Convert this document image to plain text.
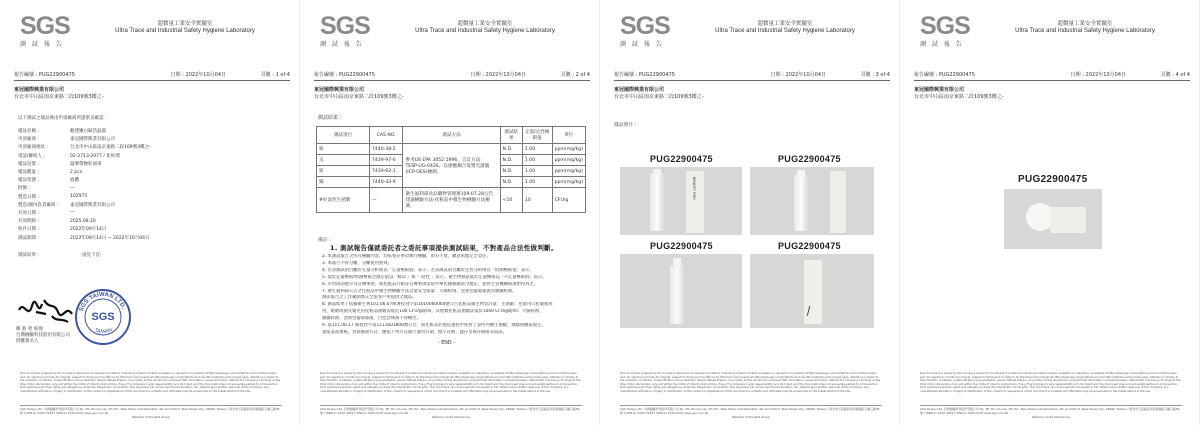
SGS
測 試 報 告
超微量工業安全實驗室
Ultra Trace and Industrial Safety Hygiene Laboratory
報告編號 : PUG22900475	日期 : 2022年10月04日	頁數 : 1 of 4
東冠國際興業有限公司
台北市中山區南京東路二段109號3樓之-
以下測試之樣品係由申請廠商所提供及確認 :
樣品名稱 :	賴透嫩白賦活晶露
申請廠商 :	東冠國際興業有限公司
申請廠商地址 :	台北市中山區南京東路二段109號3樓之-
電話/聯絡人 :	02-2713-2077 / 崔經理
樣品包裝 :	溫肇帶橡粒面罩
樣品數量 :	2 pcs
樣品型態 :	液體
批號 :	—
製造日期 :	102975
製造/國內負責廠商 :	東冠國際興業有限公司
有效日期 :	—
有效期限 :	2025.08.20
收件日期 :	2022年09月14日
測試期間 :	2022年09月14日 ~ 2022年10月04日
測試結果 :	-請見下頁-
陳 新 智 經理
台灣檢驗科技股份有限公司
授權簽名人
SGS TAIWAN LTD.
TAIWAN
SGS
This document is issued by the Company subject to its General Conditions of Service printed overleaf, available on request or accessible at http://www.sgs.com/en/Terms-and-Conditions.aspx and, for electronic format documents, subject to Terms and Conditions for Electronic Documents at http://www.sgs.com/en/Terms-and-Conditions/Terms-e-Document.aspx. Attention is drawn to the limitation of liability, indemnification and jurisdiction issues defined therein. Any holder of this document is advised that information contained hereon reflects the Company's findings at the time of its intervention only and within the limits of Client's instructions, if any. The Company's sole responsibility is to its Client and this document does not exonerate parties to a transaction from exercising all their rights and obligations under the transaction documents. This document cannot be reproduced except in full, without prior written approval of the Company. Any unauthorized alteration, forgery or falsification of the content or appearance of this document is unlawful and offenders may be prosecuted to the fullest extent of the law.
SGS Taiwan Ltd. 台灣檢驗科技股份有限公司 No. 38, Wu Chyuan 7th Rd., New Taipei Industrial Park, Wu Ku District, New Taipei City, 24890, Taiwan / 新北市五股區新北產業園區五權七路38號 t (886-2) 2299-3939 f (886-2) 2299-3237 www.sgs.com.tw
Member of the SGS Group
SGS
測 試 報 告
超微量工業安全實驗室
Ultra Trace and Industrial Safety Hygiene Laboratory
報告編號 : PUG22900475	日期 : 2022年10月04日	頁數 : 2 of 4
東冠國際興業有限公司
台北市中山區南京東路二段109號3樓之-
測試結果 :
測試項目	CAS NO.	測試方法	測試結果	定量/定性極限值	單位
鉛	7440-38-2	參考US EPA 3052:1996，自訂方法：TESP-UG-043S，以感應耦合電漿光譜儀(ICP-OES)檢測。	N.D.	1.00	ppm(mg/kg)
汞	7439-97-6		N.D.	1.00	ppm(mg/kg)
鉛	7439-92-1		N.D.	1.00	ppm(mg/kg)
鎘	7440-43-9		N.D.	1.00	ppm(mg/kg)
#好氣性生菌數	—	衛生福利部食品藥物管理署109.07.28公告建議檢驗方法-化粧品中微生物檢驗方法檢測。	<10	10	CFU/g
備註 :
1. 測試報告僅就委託者之委託事項提供測試結果，不對產品合法性做判斷。
2. 本測試報告之所有檢驗內容，均依委託事項執行檢驗，如有不實，願意承擔完全責任。
3. 本報告不得分離，分離使用無效。
4. 若該測試項目屬於定量分析則以「定量極限值」表示；若該測試項目屬於定性分析則以「偵測極限值」表示。
5. 低於定量極限/偵測極限之測定值以「N.D.」或「 陰性 」表示。微生物測試低於定量極限以「<定量極限值」表示。
6. 市售商品標示及宣傳事項，或化粧品行銷等宣傳事項需依中華民國相關法令規定，並經主管機關核准始得為之。
7. 衛生福利部公告之化粧品中微生物檢驗方法含量安全限量：大腸桿菌，金黃色葡萄球菌及綠膿桿菌。
測試報告之工作範圍係完全依客戶所提供之樣品。
8. 測試結果 / 依據衛生署101.06.07衛署授食字第1010060060號公告化粧品微生物容許量：生菌數：兒童用口腔黏膜用
用、眼睛周圍及嬰兒用化粧品菌數需低於100 CFU/g或ml，其他類化粧品菌數需低於1000 CFU/g或ml；大腸桿菌、
綠膿桿菌、金黃色葡萄球菌，白色念珠菌不得檢出。
9. 依111.06.17 衛授食字第1111601800號公告，如化粧品於製造過程中經對上表所列總生菌數，抽樣時應依規定，
量依書面審核，封面處理方式：應依下列方式開立適用日期、標示符號、儲存及保存期限等資訊。
- END -
This document is issued by the Company subject to its General Conditions of Service printed overleaf, available on request or accessible at http://www.sgs.com/en/Terms-and-Conditions.aspx and, for electronic format documents, subject to Terms and Conditions for Electronic Documents at http://www.sgs.com/en/Terms-and-Conditions/Terms-e-Document.aspx. Attention is drawn to the limitation of liability, indemnification and jurisdiction issues defined therein. Any holder of this document is advised that information contained hereon reflects the Company's findings at the time of its intervention only and within the limits of Client's instructions, if any. The Company's sole responsibility is to its Client and this document does not exonerate parties to a transaction from exercising all their rights and obligations under the transaction documents. This document cannot be reproduced except in full, without prior written approval of the Company. Any unauthorized alteration, forgery or falsification of the content or appearance of this document is unlawful and offenders may be prosecuted to the fullest extent of the law.
SGS Taiwan Ltd. 台灣檢驗科技股份有限公司 No. 38, Wu Chyuan 7th Rd., New Taipei Industrial Park, Wu Ku District, New Taipei City, 24890, Taiwan / 新北市五股區新北產業園區五權七路38號 t (886-2) 2299-3939 f (886-2) 2299-3237 www.sgs.com.tw
Member of the SGS Group
SGS
測 試 報 告
超微量工業安全實驗室
Ultra Trace and Industrial Safety Hygiene Laboratory
報告編號 : PUG22900475	日期 : 2022年10月04日	頁數 : 3 of 4
東冠國際興業有限公司
台北市中山區南京東路二段109號3樓之-
樣品照片 :
PUG22900475	PUG22900475
PUG22900475	PUG22900475
BEAUTY FISH
This document is issued by the Company subject to its General Conditions of Service printed overleaf, available on request or accessible at http://www.sgs.com/en/Terms-and-Conditions.aspx and, for electronic format documents, subject to Terms and Conditions for Electronic Documents at http://www.sgs.com/en/Terms-and-Conditions/Terms-e-Document.aspx. Attention is drawn to the limitation of liability, indemnification and jurisdiction issues defined therein. Any holder of this document is advised that information contained hereon reflects the Company's findings at the time of its intervention only and within the limits of Client's instructions, if any. The Company's sole responsibility is to its Client and this document does not exonerate parties to a transaction from exercising all their rights and obligations under the transaction documents. This document cannot be reproduced except in full, without prior written approval of the Company. Any unauthorized alteration, forgery or falsification of the content or appearance of this document is unlawful and offenders may be prosecuted to the fullest extent of the law.
SGS Taiwan Ltd. 台灣檢驗科技股份有限公司 No. 38, Wu Chyuan 7th Rd., New Taipei Industrial Park, Wu Ku District, New Taipei City, 24890, Taiwan / 新北市五股區新北產業園區五權七路38號 t (886-2) 2299-3939 f (886-2) 2299-3237 www.sgs.com.tw
Member of the SGS Group
SGS
測 試 報 告
超微量工業安全實驗室
Ultra Trace and Industrial Safety Hygiene Laboratory
報告編號 : PUG22900475	日期 : 2022年10月04日	頁數 : 4 of 4
東冠國際興業有限公司
台北市中山區南京東路二段109號3樓之-
PUG22900475
This document is issued by the Company subject to its General Conditions of Service printed overleaf, available on request or accessible at http://www.sgs.com/en/Terms-and-Conditions.aspx and, for electronic format documents, subject to Terms and Conditions for Electronic Documents at http://www.sgs.com/en/Terms-and-Conditions/Terms-e-Document.aspx. Attention is drawn to the limitation of liability, indemnification and jurisdiction issues defined therein. Any holder of this document is advised that information contained hereon reflects the Company's findings at the time of its intervention only and within the limits of Client's instructions, if any. The Company's sole responsibility is to its Client and this document does not exonerate parties to a transaction from exercising all their rights and obligations under the transaction documents. This document cannot be reproduced except in full, without prior written approval of the Company. Any unauthorized alteration, forgery or falsification of the content or appearance of this document is unlawful and offenders may be prosecuted to the fullest extent of the law.
SGS Taiwan Ltd. 台灣檢驗科技股份有限公司 No. 38, Wu Chyuan 7th Rd., New Taipei Industrial Park, Wu Ku District, New Taipei City, 24890, Taiwan / 新北市五股區新北產業園區五權七路38號 t (886-2) 2299-3939 f (886-2) 2299-3237 www.sgs.com.tw
Member of the SGS Group
